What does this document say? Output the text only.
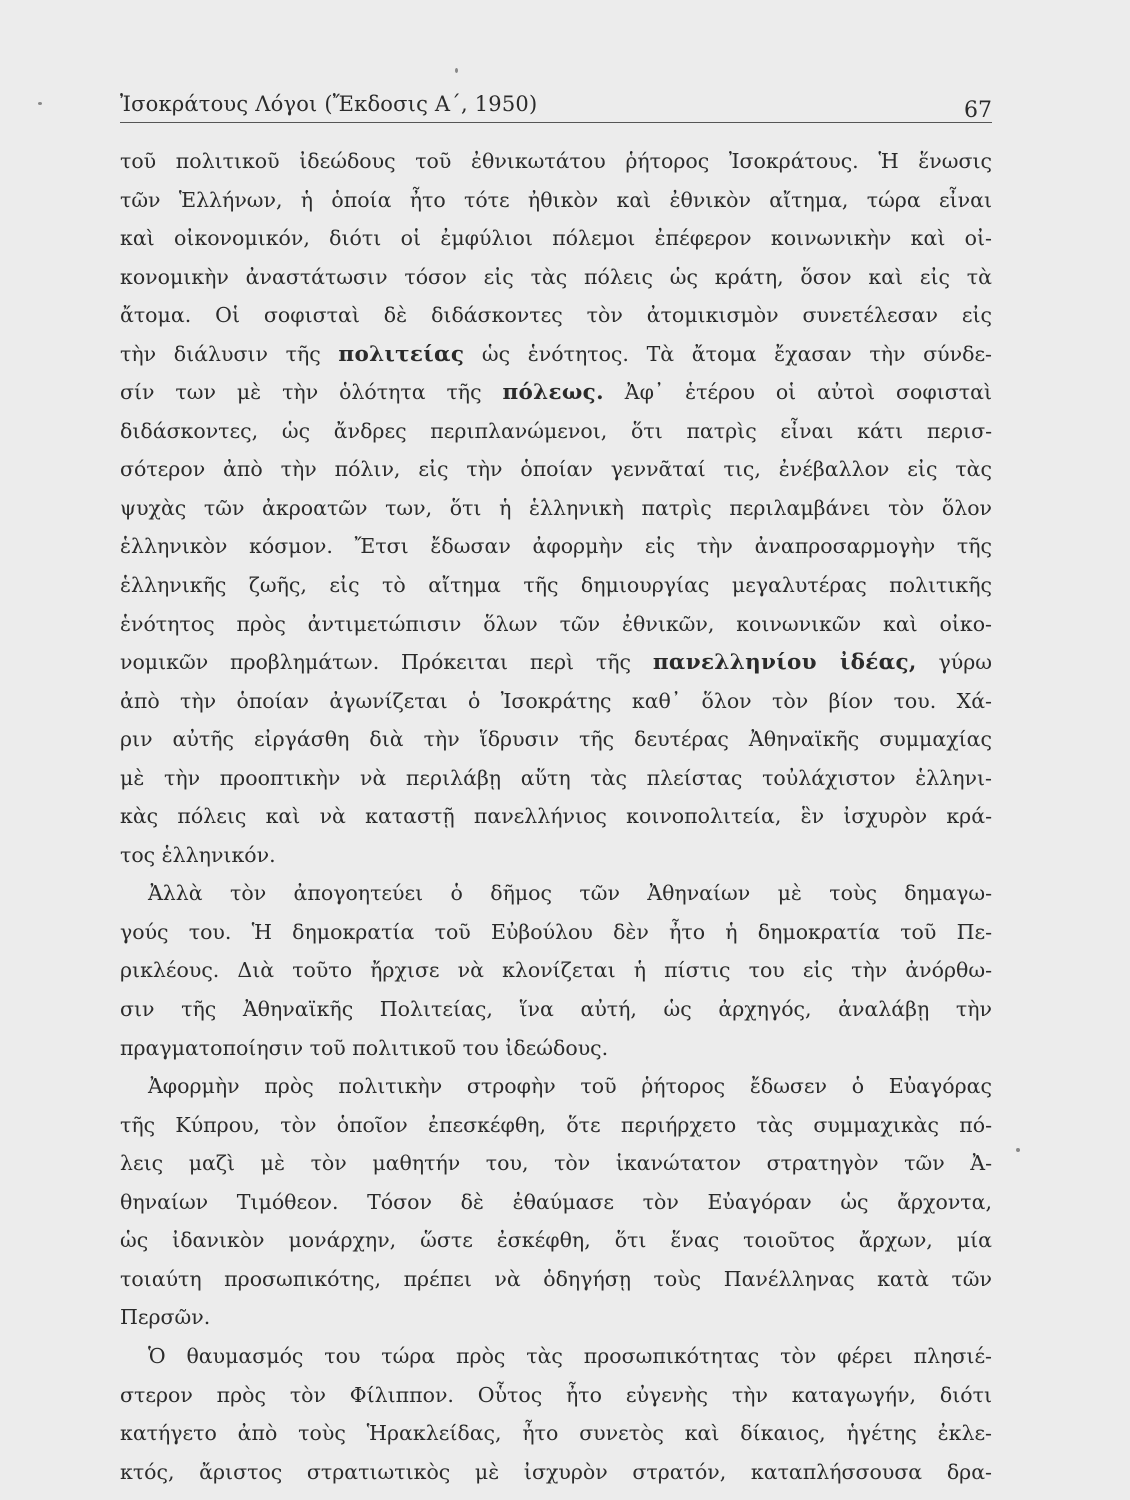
Ἰσοκράτους Λόγοι (Ἔκδοσις Α΄, 1950)	67
τοῦ πολιτικοῦ ἰδεώδους τοῦ ἐθνικωτάτου ῥήτορος Ἰσοκράτους. Ἡ ἕνωσις
τῶν Ἑλλήνων, ἡ ὁποία ἦτο τότε ἠθικὸν καὶ ἐθνικὸν αἴτημα, τώρα εἶναι
καὶ οἰκονομικόν, διότι οἱ ἐμφύλιοι πόλεμοι ἐπέφερον κοινωνικὴν καὶ οἰ-
κονομικὴν ἀναστάτωσιν τόσον εἰς τὰς πόλεις ὡς κράτη, ὅσον καὶ εἰς τὰ
ἄτομα. Οἱ σοφισταὶ δὲ διδάσκοντες τὸν ἀτομικισμὸν συνετέλεσαν εἰς
τὴν διάλυσιν τῆς πολιτείας ὡς ἑνότητος. Τὰ ἄτομα ἔχασαν τὴν σύνδε-
σίν των μὲ τὴν ὁλότητα τῆς πόλεως. Ἀφ᾽ ἑτέρου οἱ αὐτοὶ σοφισταὶ
διδάσκοντες, ὡς ἄνδρες περιπλανώμενοι, ὅτι πατρὶς εἶναι κάτι περισ-
σότερον ἀπὸ τὴν πόλιν, εἰς τὴν ὁποίαν γεννᾶταί τις, ἐνέβαλλον εἰς τὰς
ψυχὰς τῶν ἀκροατῶν των, ὅτι ἡ ἑλληνικὴ πατρὶς περιλαμβάνει τὸν ὅλον
ἑλληνικὸν κόσμον. Ἔτσι ἔδωσαν ἀφορμὴν εἰς τὴν ἀναπροσαρμογὴν τῆς
ἑλληνικῆς ζωῆς, εἰς τὸ αἴτημα τῆς δημιουργίας μεγαλυτέρας πολιτικῆς
ἑνότητος πρὸς ἀντιμετώπισιν ὅλων τῶν ἐθνικῶν, κοινωνικῶν καὶ οἰκο-
νομικῶν προβλημάτων. Πρόκειται περὶ τῆς πανελληνίου ἰδέας, γύρω
ἀπὸ τὴν ὁποίαν ἀγωνίζεται ὁ Ἰσοκράτης καθ᾽ ὅλον τὸν βίον του. Χά-
ριν αὐτῆς εἰργάσθη διὰ τὴν ἵδρυσιν τῆς δευτέρας Ἀθηναϊκῆς συμμαχίας
μὲ τὴν προοπτικὴν νὰ περιλάβῃ αὕτη τὰς πλείστας τοὐλάχιστον ἑλληνι-
κὰς πόλεις καὶ νὰ καταστῇ πανελλήνιος κοινοπολιτεία, ἓν ἰσχυρὸν κρά-
τος ἑλληνικόν.
Ἀλλὰ τὸν ἀπογοητεύει ὁ δῆμος τῶν Ἀθηναίων μὲ τοὺς δημαγω-
γούς του. Ἡ δημοκρατία τοῦ Εὐβούλου δὲν ἦτο ἡ δημοκρατία τοῦ Πε-
ρικλέους. Διὰ τοῦτο ἤρχισε νὰ κλονίζεται ἡ πίστις του εἰς τὴν ἀνόρθω-
σιν τῆς Ἀθηναϊκῆς Πολιτείας, ἵνα αὐτή, ὡς ἀρχηγός, ἀναλάβῃ τὴν
πραγματοποίησιν τοῦ πολιτικοῦ του ἰδεώδους.
Ἀφορμὴν πρὸς πολιτικὴν στροφὴν τοῦ ῥήτορος ἔδωσεν ὁ Εὐαγόρας
τῆς Κύπρου, τὸν ὁποῖον ἐπεσκέφθη, ὅτε περιήρχετο τὰς συμμαχικὰς πό-
λεις μαζὶ μὲ τὸν μαθητήν του, τὸν ἱκανώτατον στρατηγὸν τῶν Ἀ-
θηναίων Τιμόθεον. Τόσον δὲ ἐθαύμασε τὸν Εὐαγόραν ὡς ἄρχοντα,
ὡς ἰδανικὸν μονάρχην, ὥστε ἐσκέφθη, ὅτι ἕνας τοιοῦτος ἄρχων, μία
τοιαύτη προσωπικότης, πρέπει νὰ ὁδηγήσῃ τοὺς Πανέλληνας κατὰ τῶν
Περσῶν.
Ὁ θαυμασμός του τώρα πρὸς τὰς προσωπικότητας τὸν φέρει πλησιέ-
στερον πρὸς τὸν Φίλιππον. Οὗτος ἦτο εὐγενὴς τὴν καταγωγήν, διότι
κατήγετο ἀπὸ τοὺς Ἡρακλείδας, ἦτο συνετὸς καὶ δίκαιος, ἡγέτης ἐκλε-
κτός, ἄριστος στρατιωτικὸς μὲ ἰσχυρὸν στρατόν, καταπλήσσουσα δρα-
